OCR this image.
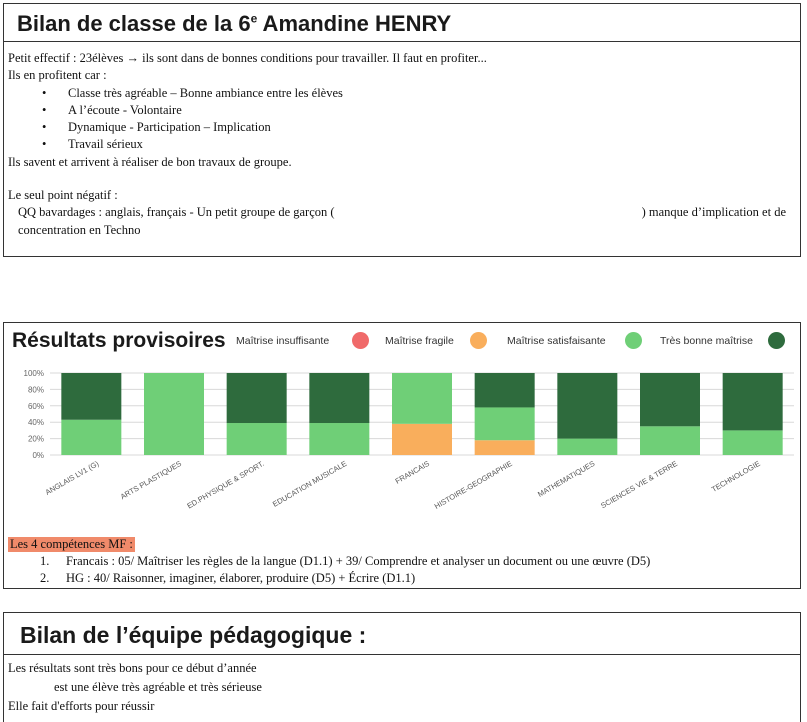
Bilan de classe de la 6e Amandine HENRY
Petit effectif : 23élèves → ils sont dans de bonnes conditions pour travailler. Il faut en profiter...
Ils en profitent car :
• Classe très agréable – Bonne ambiance entre les élèves
• A l’écoute - Volontaire
• Dynamique - Participation – Implication
• Travail sérieux
Ils savent et arrivent à réaliser de bon travaux de groupe.
Le seul point négatif :
QQ bavardages : anglais, français - Un petit groupe de garçon (	) manque d’implication et de
concentration en Techno
Résultats provisoires Maîtrise insuffisante	Maîtrise fragile	Maîtrise satisfaisante	Très bonne maîtrise
0%
20%
40%
60%
80%
100%
ANGLAIS LV1 (G) ARTS PLASTIQUES ED.PHYSIQUE & SPORT. EDUCATION MUSICALE	FRANCAIS HISTOIRE-GEOGRAPHIE	MATHEMATIQUES SCIENCES VIE & TERRE	TECHNOLOGIE
Les 4 compétences MF :
1. Francais : 05/ Maîtriser les règles de la langue (D1.1) + 39/ Comprendre et analyser un document ou une œuvre (D5)
2. HG : 40/ Raisonner, imaginer, élaborer, produire (D5) + Écrire (D1.1)
Bilan de l’équipe pédagogique :
Les résultats sont très bons pour ce début d’année
est une élève très agréable et très sérieuse
Elle fait d'efforts pour réussir
